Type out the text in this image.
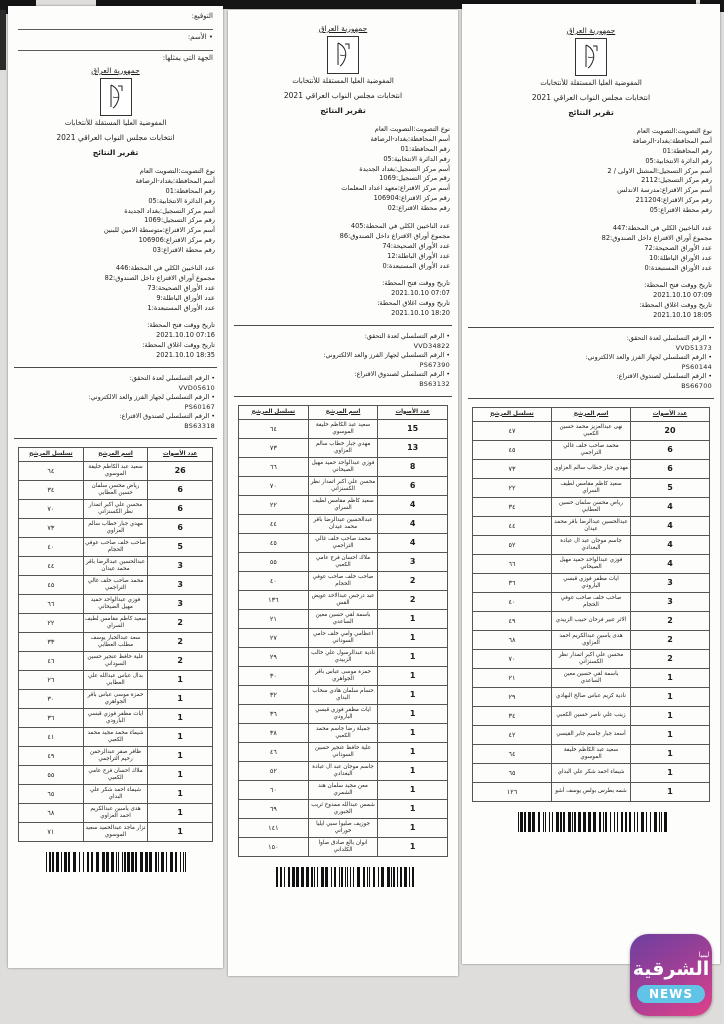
التوقيع:
• الأسم:
الجهة التي يمثلها:
جمهورية العراق
المفوضية العليا المستقلة للأنتخابات
انتخابات مجلس النواب العراقي 2021
تقرير النتائج
نوع التصويت:التصويت العام
أسم المحافظة:بغداد-الرصافة
رقم المحافظة:01
رقم الدائرة الانتخابية:05
أسم مركز التسجيل:بغداد الجديدة
رقم مركز التسجيل:1069
أسم مركز الاقتراع:متوسطة الامين للبنين
رقم مركز الاقتراع:106906
رقم محطة الاقتراع:03
عدد الناخبين الكلي في المحطة:446
مجموع أوراق الاقتراع داخل الصندوق:82
عدد الأوراق الصحيحة:73
عدد الأوراق الباطلة:9
عدد الأوراق المستبعدة:1
تاريخ ووقت فتح المحطة:
2021.10.10 07:16
تاريخ ووقت اغلاق المحطة:
2021.10.10 18:35
• الرقم التسلسلي لعدة التحقق:
VVD05610
• الرقم التسلسلي لجهاز الفرز والعد الالكتروني:
PS60167
• الرقم التسلسلي لصندوق الاقتراع:
BS63318
عدد الأصوات	اسم المرشح	تسلسل المرشح
26	سعيد عبد الكاظم خليفة الموسوي	٦٤
6	رياض محسن سلمان حسين العطابي	٣٤
6	محسن علي اكبر اتمدار نظر الكسنزاني	٧٠
6	مهدي جبار خطاب سالم العزاوي	٧٣
5	صاحب خلف صاحب عوفي الحجام	٤٠
3	عبدالحسين عبدالرضا باقر محمد عيدان	٤٤
3	محمد صاحب خلف غالي التراجمي	٤٥
3	فوزي عبدالواحد حميد مهيل الصيحاني	٦٦
2	سعيد كاظم مقامس لطيف السراي	٢٢
2	سعد عبدالجبار يوسف مطلب العطابي	٣٣
2	علية حافظ عنجير حسين السوداني	٤٦
1	بدال عباس عبدالله علي العطابي	٢٦
1	حمزة موسى عباس باقر الجواهري	٣٠
1	ايات مظفر فوزي قبسي البارودي	٣٦
1	شيماء محمد مجيد محمد الكعبي	٤١
1	ظافر صقر عبدالرحمن رحيم التراجمي	٤٩
1	ملاك احسان فرج عامي الكعبي	٥٥
1	شيماء احمد شكر علي البداي	٦٥
1	هدى ياسين عبدالكريم احمد العزاوي	٦٨
1	نزار ماجد عبدالحميد سعيد الموسوي	٧١
جمهورية العراق
المفوضية العليا المستقلة للأنتخابات
انتخابات مجلس النواب العراقي 2021
تقرير النتائج
نوع التصويت:التصويت العام
أسم المحافظة:بغداد-الرصافة
رقم المحافظة:01
رقم الدائرة الانتخابية:05
أسم مركز التسجيل:بغداد الجديدة
رقم مركز التسجيل:1069
أسم مركز الاقتراع:معهد اعداد المعلمات
رقم مركز الاقتراع:106904
رقم محطة الاقتراع:02
عدد الناخبين الكلي في المحطة:405
مجموع أوراق الاقتراع داخل الصندوق:86
عدد الأوراق الصحيحة:74
عدد الأوراق الباطلة:12
عدد الأوراق المستبعدة:0
تاريخ ووقت فتح المحطة:
2021.10.10 07:07
تاريخ ووقت اغلاق المحطة:
2021.10.10 18:20
• الرقم التسلسلي لعدة التحقق:
VVD34822
• الرقم التسلسلي لجهاز الفرز والعد الالكتروني:
PS67390
• الرقم التسلسلي لصندوق الاقتراع:
BS63132
عدد الأصوات	اسم المرشح	تسلسل المرشح
15	سعيد عبد الكاظم خليفة الموسوي	٦٤
13	مهدي جبار خطاب سالم العزاوي	٧٣
8	فوزي عبدالواحد حميد مهيل الصيحاني	٦٦
6	محسن علي اكبر اتمدار نظر الكسنزاني	٧٠
4	سعيد كاظم مقامس لطيف السراي	٢٢
4	عبدالحسين عبدالرضا باقر محمد عيدان	٤٤
4	محمد صاحب خلف غالي التراجمي	٤٥
3	ملاك احسان فرج عامي الكعبي	٥٥
2	صاحب خلف صاحب عوفي الحجام	٤٠
2	عبد درجس عبدالاحد عويض القس	١٣٦
1	باسمة لقي حسين معين الساعدي	٢١
1	اعظامي وامي خلف حامي السوداني	٢٧
1	نادية عبدالرسول علي خالب الزبيدي	٢٩
1	حمزة موسى عباس باقر الجواهري	٣٠
1	حسام سلمان هادي سحاب البداي	٣٢
1	ايات مظفر فوزي قبسي البارودي	٣٦
1	جميلة رضا جاسم محمد الكعبي	٣٨
1	علية حافظ عنجير حسين السوداني	٤٦
1	جاسم موجان عبد ال عبادة البغدادي	٥٢
1	معن مجيد سلمان هند الشمري	٦٠
1	شمس عبدالله ممدوح ثريب الجبوري	٦٩
1	جوزيف صليوا سبي ايليا خوراني	١٤١
1	انوان بالغ صادق صاوا الكلداني	١٥٠
جمهورية العراق
المفوضية العليا المستقلة للأنتخابات
انتخابات مجلس النواب العراقي 2021
تقرير النتائج
نوع التصويت:التصويت العام
أسم المحافظة:بغداد-الرصافة
رقم المحافظة:01
رقم الدائرة الانتخابية:05
أسم مركز التسجيل:المشتل الاولى / 2
رقم مركز التسجيل:2112
أسم مركز الاقتراع:مدرسة الاندلس
رقم مركز الاقتراع:211204
رقم محطة الاقتراع:05
عدد الناخبين الكلي في المحطة:447
مجموع أوراق الاقتراع داخل الصندوق:82
عدد الأوراق الصحيحة:72
عدد الأوراق الباطلة:10
عدد الأوراق المستبعدة:0
تاريخ ووقت فتح المحطة:
2021.10.10 07:09
تاريخ ووقت اغلاق المحطة:
2021.10.10 18:05
• الرقم التسلسلي لعدة التحقق:
VVD51373
• الرقم التسلسلي لجهاز الفرز والعد الالكتروني:
PS60144
• الرقم التسلسلي لصندوق الاقتراع:
BS66700
عدد الأصوات	اسم المرشح	تسلسل المرشح
20	نهى عبدالعزيز محمد حسين الكعبي	٤٧
6	محمد صاحب خلف غالي التراجمي	٤٥
6	مهدي جبار خطاب سالم العزاوي	٧٣
5	سعيد كاظم مقامس لطيف السراي	٢٢
4	رياض محسن سلمان حسين العطابي	٣٤
4	عبدالحسين عبدالرضا باقر محمد عيدان	٤٤
4	جاسم موجان عبد ال عبادة البغدادي	٥٢
4	فوزي عبدالواحد حميد مهيل الصيحاني	٦٦
3	ايات مظفر فوزي قبسي البارودي	٣٦
3	صاحب خلف صاحب عوفي الحجام	٤٠
2	الاثر عبير فرحان حبيب الزبيدي	٤٩
2	هدى ياسين عبدالكريم احمد العزاوي	٦٨
2	محسن علي اكبر اتمدار نظر الكسنزاني	٧٠
1	باسمة لقي حسين معين الساعدي	٢١
1	نادية كريم عباس صالح البهادي	٢٩
1	زينب علي ناصر حسين الكعبي	٣٤
1	أسعد جبار جاسم جابر القيسي	٤٢
1	سعيد عبد الكاظم خليفة الموسوي	٦٤
1	شيماء احمد شكر علي البداي	٦٥
1	شمه بطرس بولس يوسف أشو	١٢٦
ليبيا
الشرقية
NEWS
